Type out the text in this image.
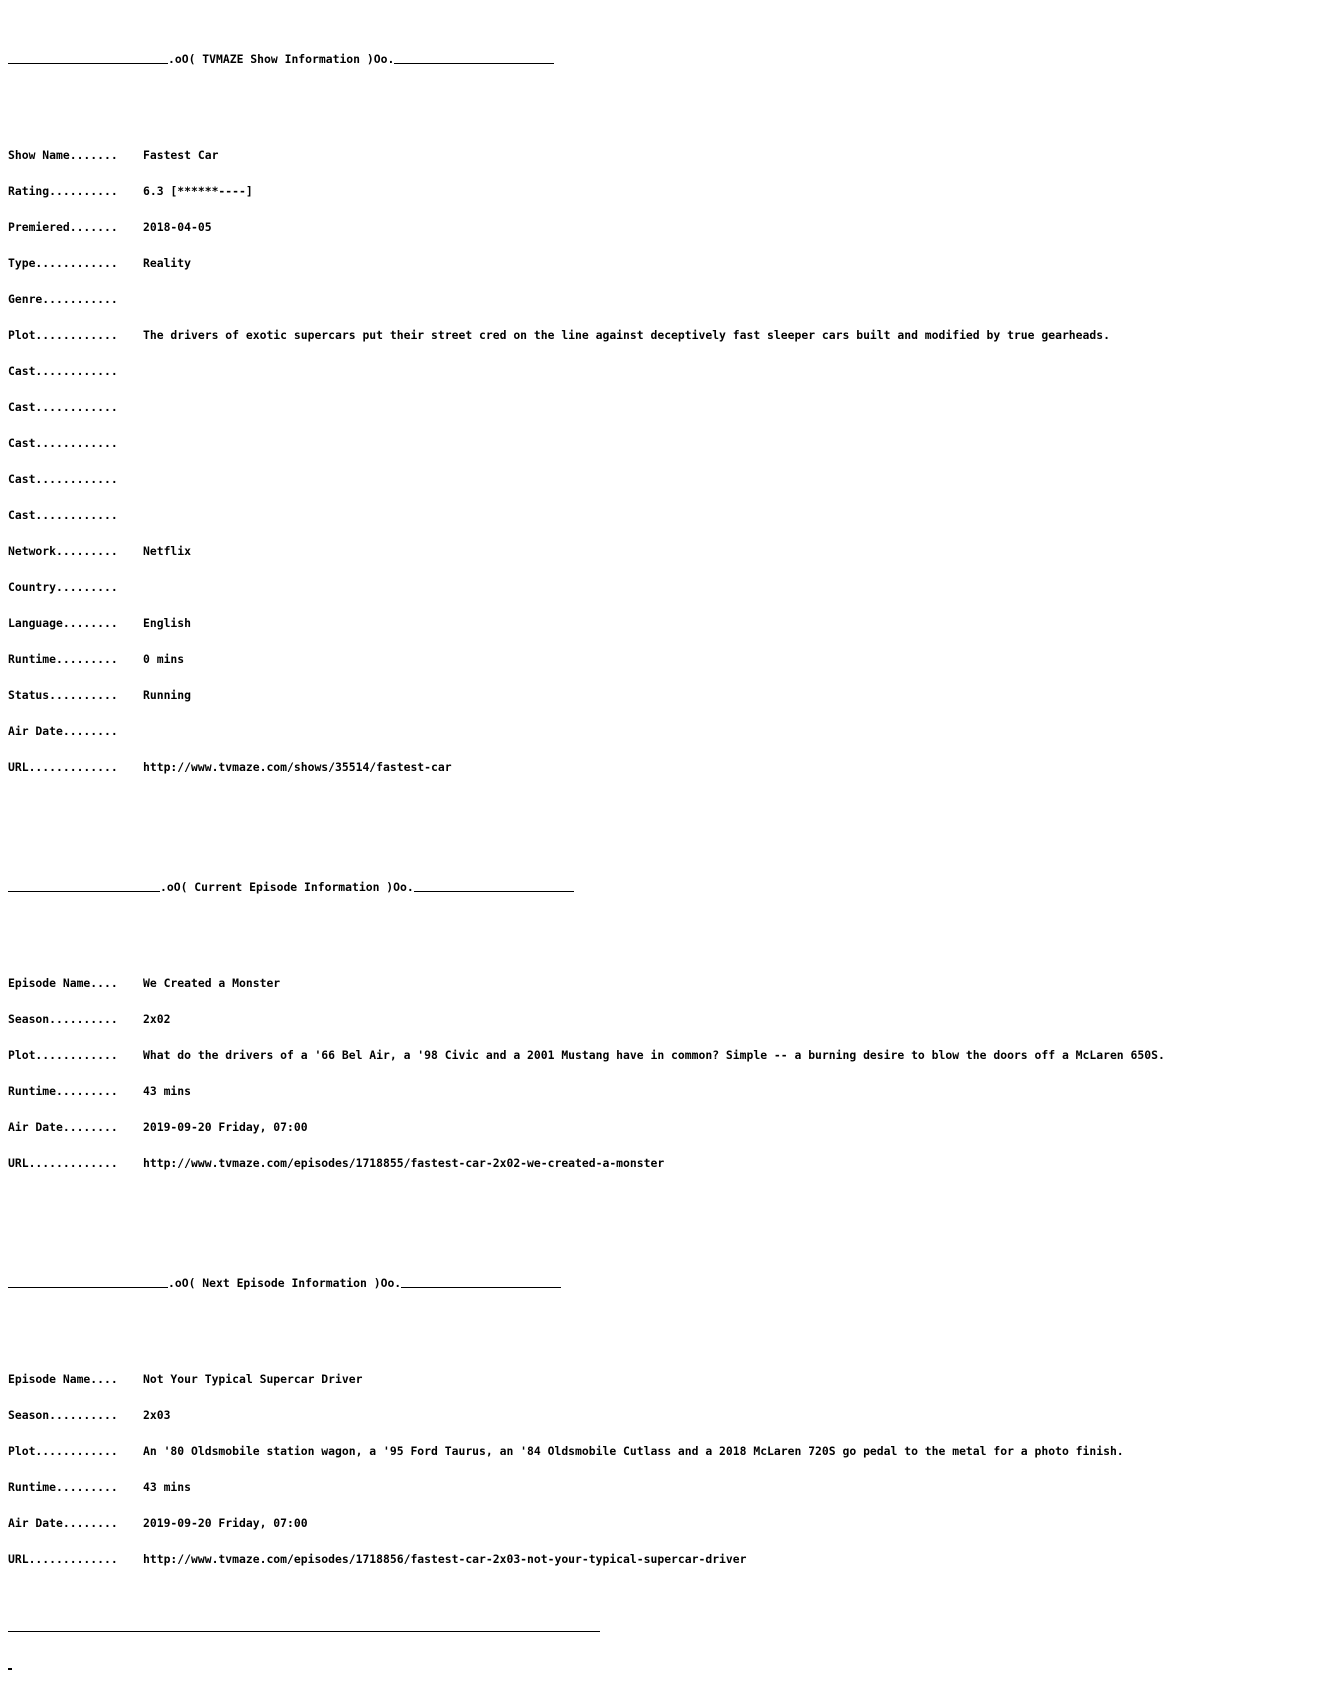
.oO( TVMAZE Show Information )Oo.

Show Name....... Fastest Car

Rating.......... 6.3 [******----]

Premiered....... 2018-04-05

Type............ Reality

Genre...........

Plot............ The drivers of exotic supercars put their street cred on the line against deceptively fast sleeper cars built and modified by true gearheads.

Cast............

Cast............

Cast............

Cast............

Cast............

Network......... Netflix

Country.........

Language........ English

Runtime......... 0 mins

Status.......... Running

Air Date........

URL............. http://www.tvmaze.com/shows/35514/fastest-car

.oO( Current Episode Information )Oo.

Episode Name.... We Created a Monster

Season.......... 2x02

Plot............ What do the drivers of a '66 Bel Air, a '98 Civic and a 2001 Mustang have in common? Simple -- a burning desire to blow the doors off a McLaren 650S.

Runtime......... 43 mins

Air Date........ 2019-09-20 Friday, 07:00

URL............. http://www.tvmaze.com/episodes/1718855/fastest-car-2x02-we-created-a-monster

.oO( Next Episode Information )Oo.

Episode Name.... Not Your Typical Supercar Driver

Season.......... 2x03

Plot............ An '80 Oldsmobile station wagon, a '95 Ford Taurus, an '84 Oldsmobile Cutlass and a 2018 McLaren 720S go pedal to the metal for a photo finish.

Runtime......... 43 mins

Air Date........ 2019-09-20 Friday, 07:00

URL............. http://www.tvmaze.com/episodes/1718856/fastest-car-2x03-not-your-typical-supercar-driver
